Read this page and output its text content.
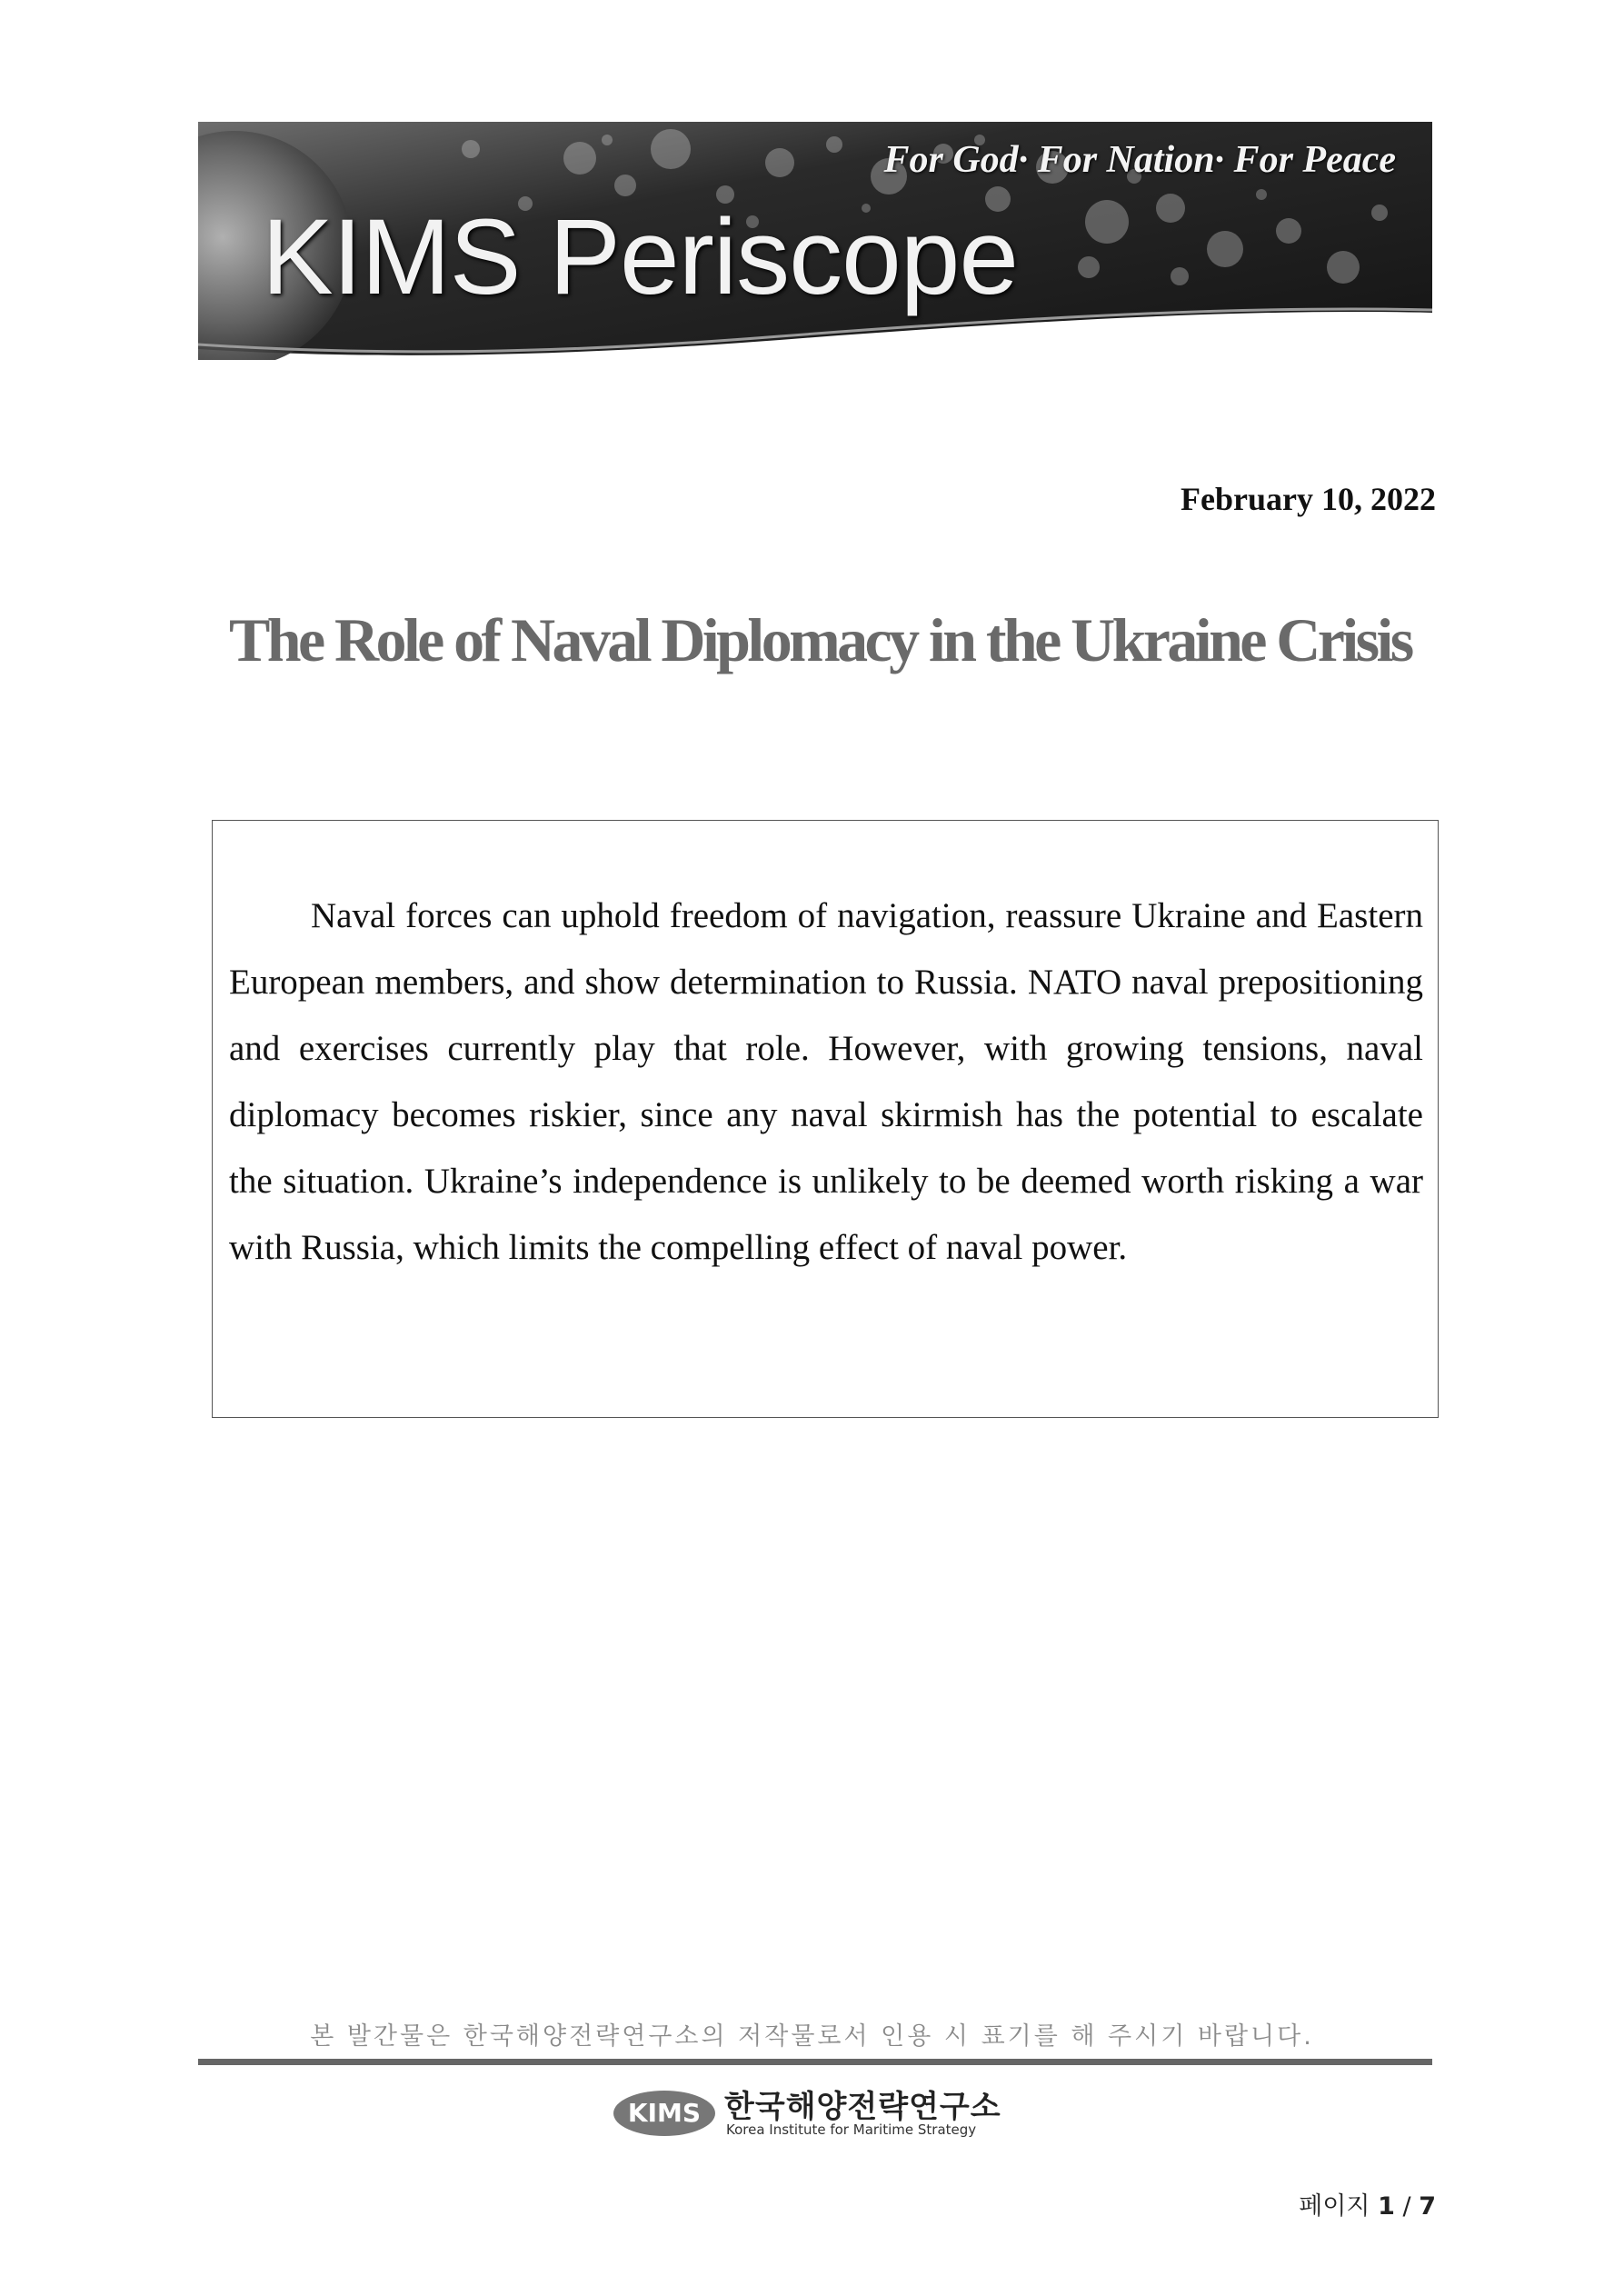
For God· For Nation· For Peace
KIMS Periscope
February 10, 2022
The Role of Naval Diplomacy in the Ukraine Crisis

Naval forces can uphold freedom of navigation, reassure Ukraine and Eastern European members, and show determination to Russia. NATO naval prepositioning and exercises currently play that role. However, with growing tensions, naval diplomacy becomes riskier, since any naval skirmish has the potential to escalate the situation. Ukraine’s independence is unlikely to be deemed worth risking a war with Russia, which limits the compelling effect of naval power.

본 발간물은 한국해양전략연구소의 저작물로서 인용 시 표기를 해 주시기 바랍니다.
KIMS 한국해양전략연구소
Korea Institute for Maritime Strategy
페이지 1 / 7
